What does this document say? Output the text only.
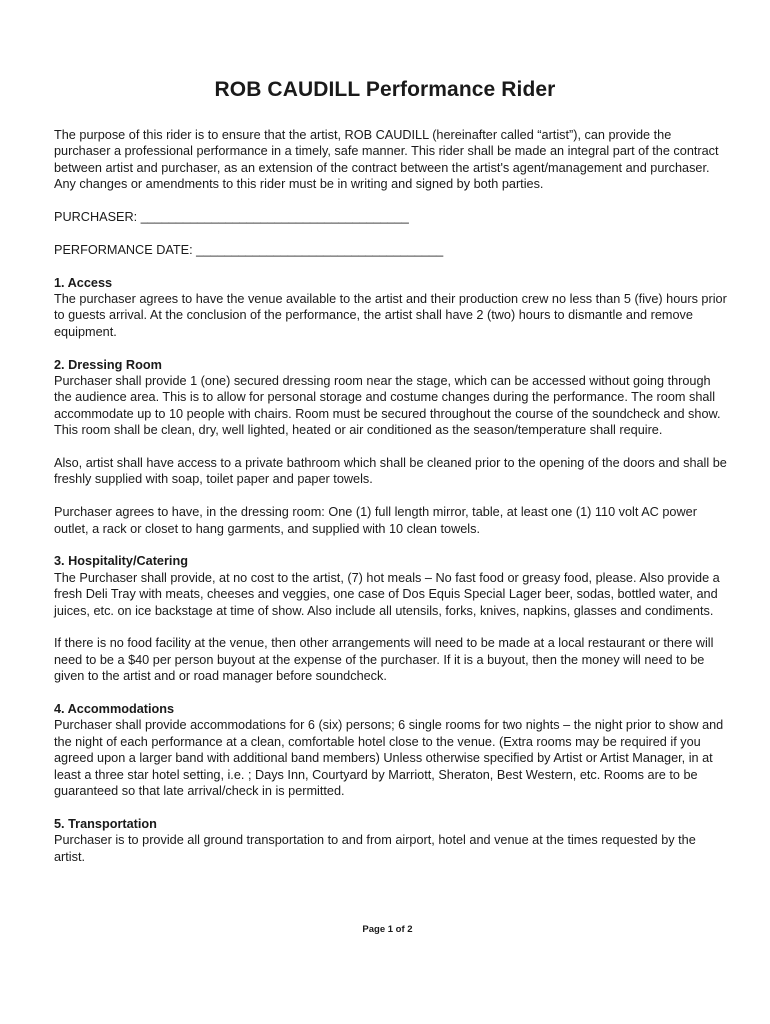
ROB CAUDILL Performance Rider

The purpose of this rider is to ensure that the artist, ROB CAUDILL (hereinafter called “artist”), can provide the purchaser a professional performance in a timely, safe manner. This rider shall be made an integral part of the contract between artist and purchaser, as an extension of the contract between the artist's agent/management and purchaser. Any changes or amendments to this rider must be in writing and signed by both parties.

PURCHASER: ______________________________________

PERFORMANCE DATE: ___________________________________

1. Access

The purchaser agrees to have the venue available to the artist and their production crew no less than 5 (five) hours prior to guests arrival. At the conclusion of the performance, the artist shall have 2 (two) hours to dismantle and remove equipment.

2. Dressing Room

Purchaser shall provide 1 (one) secured dressing room near the stage, which can be accessed without going through the audience area. This is to allow for personal storage and costume changes during the performance. The room shall accommodate up to 10 people with chairs. Room must be secured throughout the course of the soundcheck and show. This room shall be clean, dry, well lighted, heated or air conditioned as the season/temperature shall require.

Also, artist shall have access to a private bathroom which shall be cleaned prior to the opening of the doors and shall be freshly supplied with soap, toilet paper and paper towels.

Purchaser agrees to have, in the dressing room: One (1) full length mirror, table, at least one (1) 110 volt AC power outlet, a rack or closet to hang garments, and supplied with 10 clean towels.

3. Hospitality/Catering

The Purchaser shall provide, at no cost to the artist, (7) hot meals – No fast food or greasy food, please. Also provide a fresh Deli Tray with meats, cheeses and veggies, one case of Dos Equis Special Lager beer, sodas, bottled water, and juices, etc. on ice backstage at time of show. Also include all utensils, forks, knives, napkins, glasses and condiments.

If there is no food facility at the venue, then other arrangements will need to be made at a local restaurant or there will need to be a $40 per person buyout at the expense of the purchaser. If it is a buyout, then the money will need to be given to the artist and or road manager before soundcheck.

4. Accommodations

Purchaser shall provide accommodations for 6 (six) persons; 6 single rooms for two nights – the night prior to show and the night of each performance at a clean, comfortable hotel close to the venue. (Extra rooms may be required if you agreed upon a larger band with additional band members) Unless otherwise specified by Artist or Artist Manager, in at least a three star hotel setting, i.e. ; Days Inn, Courtyard by Marriott, Sheraton, Best Western, etc. Rooms are to be guaranteed so that late arrival/check in is permitted.

5. Transportation

Purchaser is to provide all ground transportation to and from airport, hotel and venue at the times requested by the artist.

Page 1 of 2
